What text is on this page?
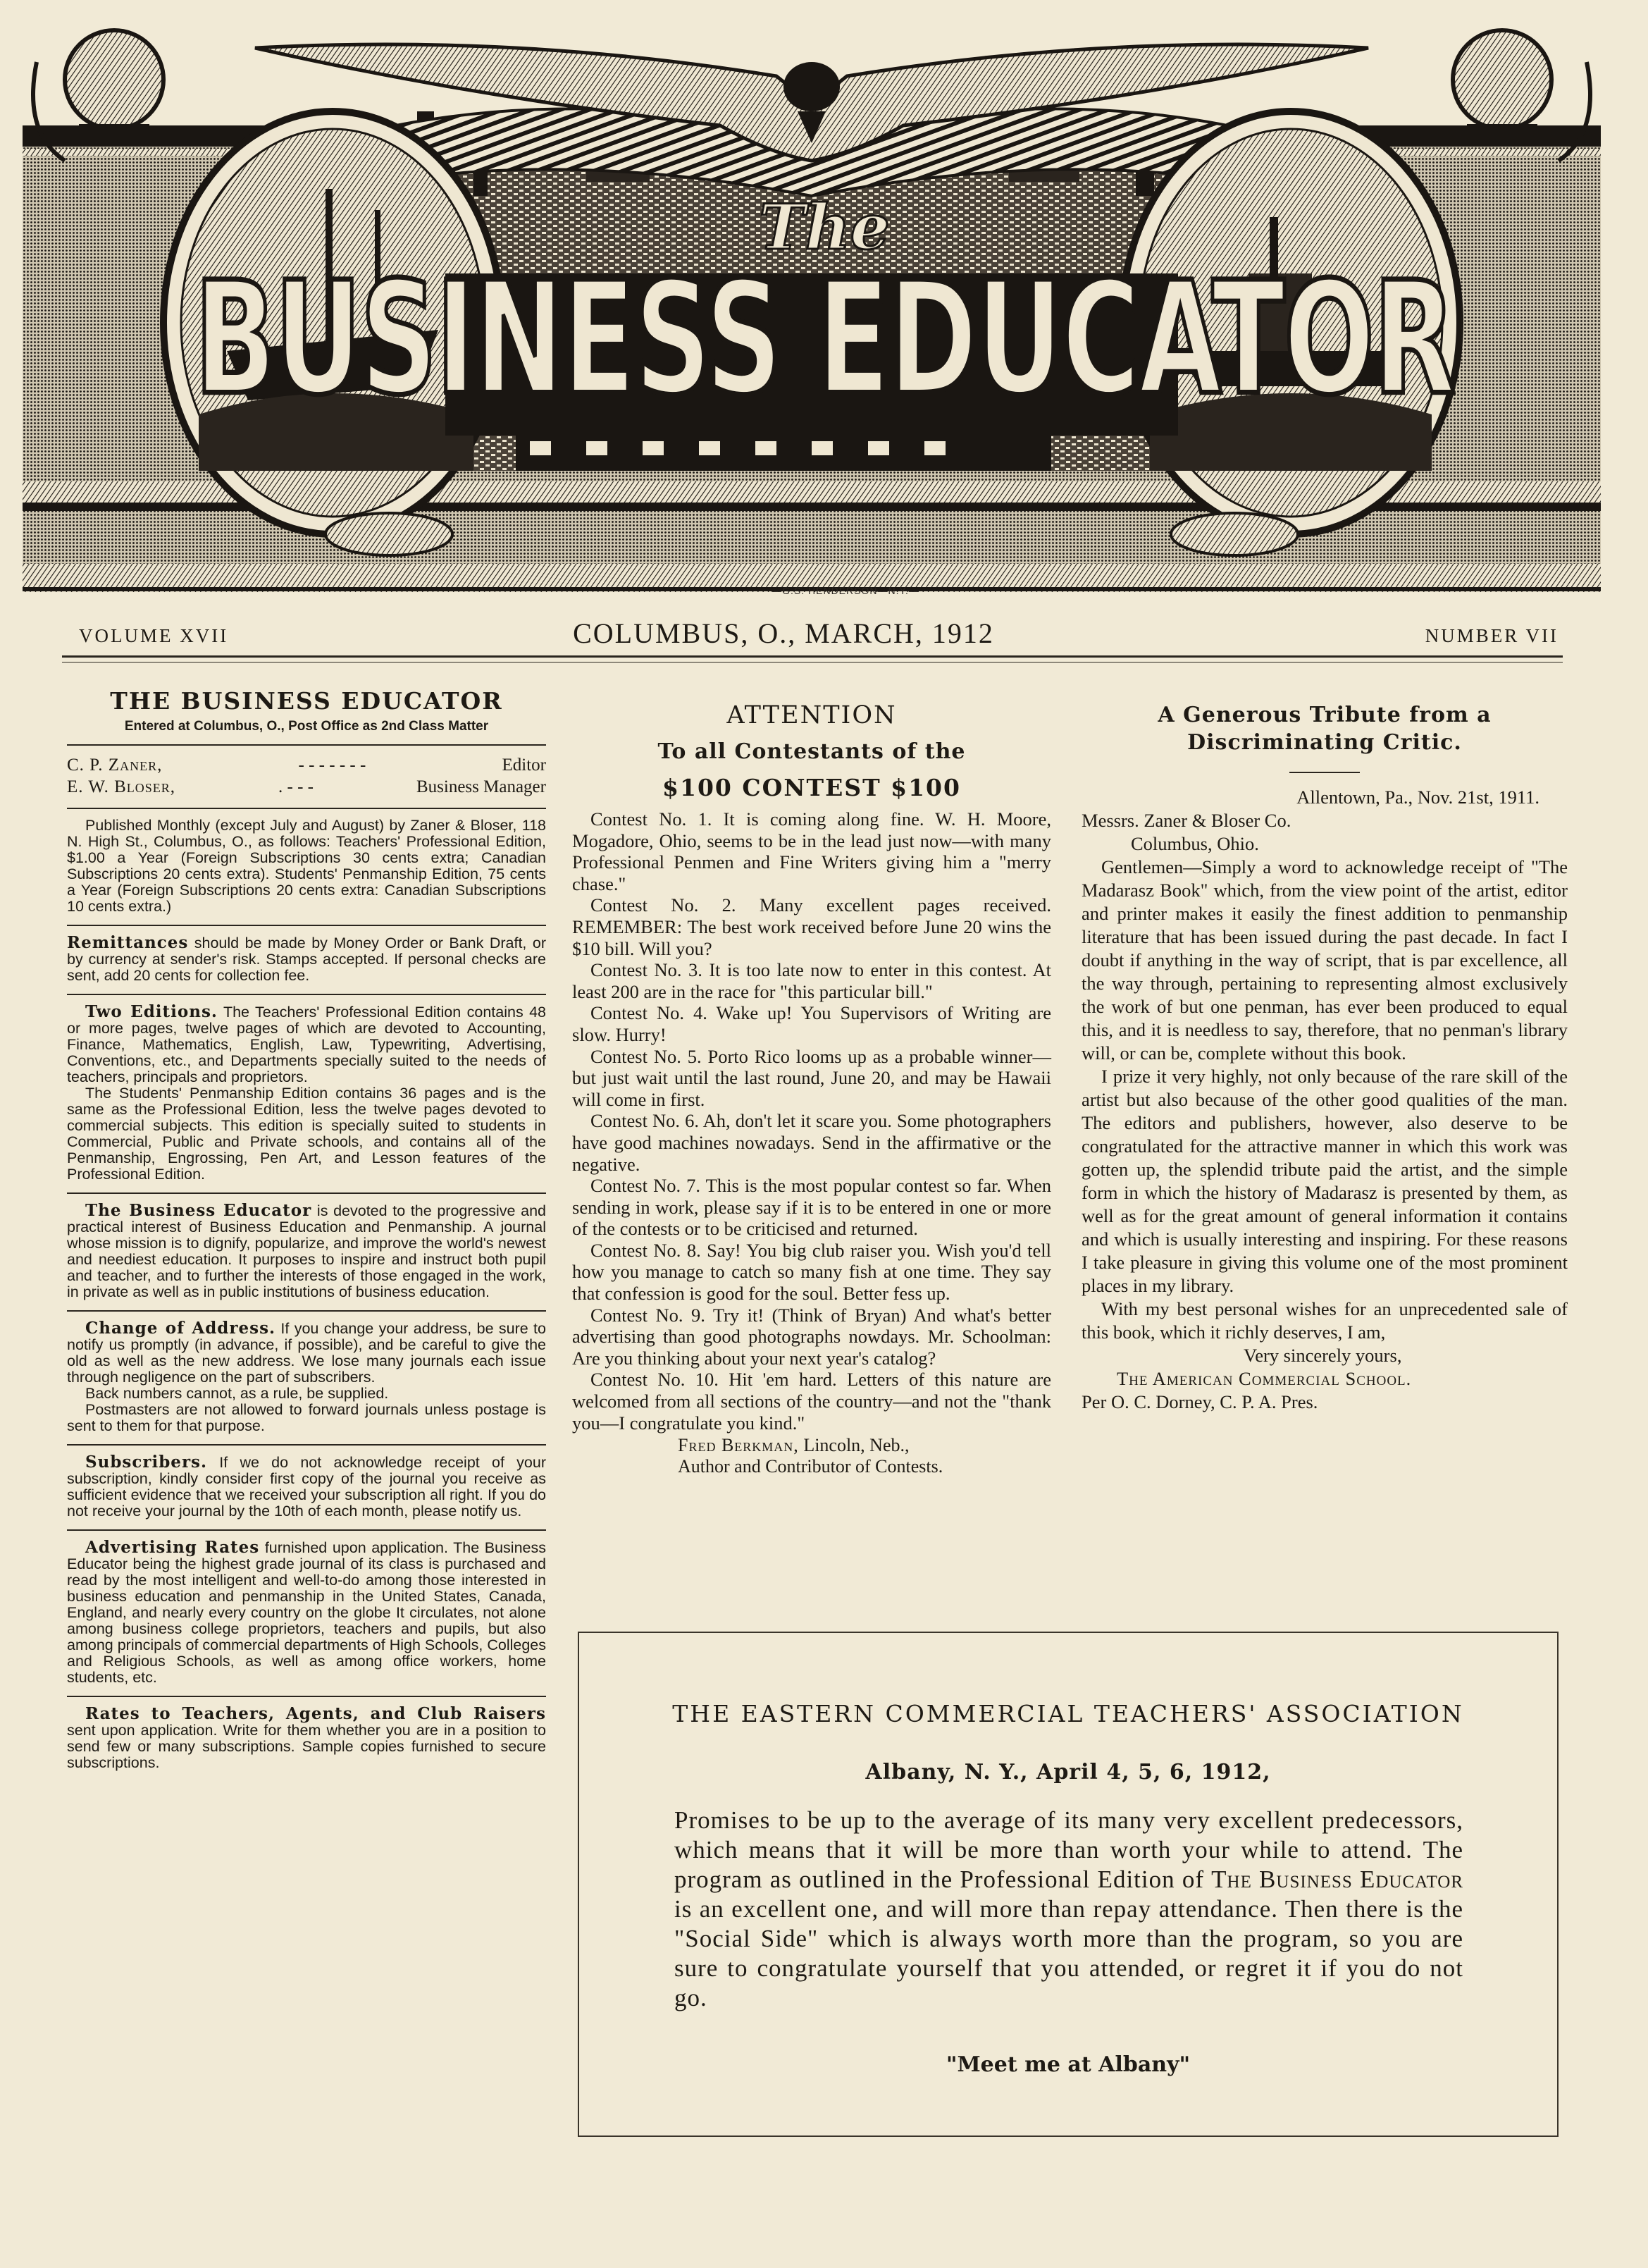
The
BUSINESS EDUCATOR
—G.S. HENDERSON—N.Y.—
VOLUME XVII	COLUMBUS, O., MARCH, 1912	NUMBER VII
THE BUSINESS EDUCATOR
Entered at Columbus, O., Post Office as 2nd Class Matter
C. P. Zaner,	- - - - - - -	Editor
E. W. Bloser,	. - - -	Business Manager

Published Monthly (except July and August) by Zaner & Bloser, 118 N. High St., Columbus, O., as follows: Teachers' Professional Edition, $1.00 a Year (Foreign Subscriptions 30 cents extra; Canadian Subscriptions 20 cents extra). Students' Penmanship Edition, 75 cents a Year (Foreign Subscriptions 20 cents extra: Canadian Subscriptions 10 cents extra.)

Remittances should be made by Money Order or Bank Draft, or by currency at sender's risk. Stamps accepted. If personal checks are sent, add 20 cents for collection fee.

Two Editions. The Teachers' Professional Edition contains 48 or more pages, twelve pages of which are devoted to Accounting, Finance, Mathematics, English, Law, Typewriting, Advertising, Conventions, etc., and Departments specially suited to the needs of teachers, principals and proprietors.

The Students' Penmanship Edition contains 36 pages and is the same as the Professional Edition, less the twelve pages devoted to commercial subjects. This edition is specially suited to students in Commercial, Public and Private schools, and contains all of the Penmanship, Engrossing, Pen Art, and Lesson features of the Professional Edition.

The Business Educator is devoted to the progressive and practical interest of Business Education and Penmanship. A journal whose mission is to dignify, popularize, and improve the world's newest and neediest education. It purposes to inspire and instruct both pupil and teacher, and to further the interests of those engaged in the work, in private as well as in public institutions of business education.

Change of Address. If you change your address, be sure to notify us promptly (in advance, if possible), and be careful to give the old as well as the new address. We lose many journals each issue through negligence on the part of subscribers.

Back numbers cannot, as a rule, be supplied.

Postmasters are not allowed to forward journals unless postage is sent to them for that purpose.

Subscribers. If we do not acknowledge receipt of your subscription, kindly consider first copy of the journal you receive as sufficient evidence that we received your subscription all right. If you do not receive your journal by the 10th of each month, please notify us.

Advertising Rates furnished upon application. The Business Educator being the highest grade journal of its class is purchased and read by the most intelligent and well-to-do among those interested in business education and penmanship in the United States, Canada, England, and nearly every country on the globe It circulates, not alone among business college proprietors, teachers and pupils, but also among principals of commercial departments of High Schools, Colleges and Religious Schools, as well as among office workers, home students, etc.

Rates to Teachers, Agents, and Club Raisers sent upon application. Write for them whether you are in a position to send few or many subscriptions. Sample copies furnished to secure subscriptions.

ATTENTION
To all Contestants of the
$100 CONTEST $100

Contest No. 1. It is coming along fine. W. H. Moore, Mogadore, Ohio, seems to be in the lead just now—with many Professional Penmen and Fine Writers giving him a "merry chase."

Contest No. 2. Many excellent pages received. REMEMBER: The best work received before June 20 wins the $10 bill. Will you?

Contest No. 3. It is too late now to enter in this contest. At least 200 are in the race for "this particular bill."

Contest No. 4. Wake up! You Supervisors of Writing are slow. Hurry!

Contest No. 5. Porto Rico looms up as a probable winner—but just wait until the last round, June 20, and may be Hawaii will come in first.

Contest No. 6. Ah, don't let it scare you. Some photographers have good machines nowadays. Send in the affirmative or the negative.

Contest No. 7. This is the most popular contest so far. When sending in work, please say if it is to be entered in one or more of the contests or to be criticised and returned.

Contest No. 8. Say! You big club raiser you. Wish you'd tell how you manage to catch so many fish at one time. They say that confession is good for the soul. Better fess up.

Contest No. 9. Try it! (Think of Bryan) And what's better advertising than good photographs nowdays. Mr. Schoolman: Are you thinking about your next year's catalog?

Contest No. 10. Hit 'em hard. Letters of this nature are welcomed from all sections of the country—and not the "thank you—I congratulate you kind."

Fred Berkman, Lincoln, Neb.,
Author and Contributor of Contests.
A Generous Tribute from a Discriminating Critic.

Allentown, Pa., Nov. 21st, 1911.

Messrs. Zaner & Bloser Co.

Columbus, Ohio.

Gentlemen—Simply a word to acknowledge receipt of "The Madarasz Book" which, from the view point of the artist, editor and printer makes it easily the finest addition to penmanship literature that has been issued during the past decade. In fact I doubt if anything in the way of script, that is par excellence, all the way through, pertaining to representing almost exclusively the work of but one penman, has ever been produced to equal this, and it is needless to say, therefore, that no penman's library will, or can be, complete without this book.

I prize it very highly, not only because of the rare skill of the artist but also because of the other good qualities of the man. The editors and publishers, however, also deserve to be congratulated for the attractive manner in which this work was gotten up, the splendid tribute paid the artist, and the simple form in which the history of Madarasz is presented by them, as well as for the great amount of general information it contains and which is usually interesting and inspiring. For these reasons I take pleasure in giving this volume one of the most prominent places in my library.

With my best personal wishes for an unprecedented sale of this book, which it richly deserves, I am,

Very sincerely yours,

The American Commercial School.

Per O. C. Dorney, C. P. A. Pres.

THE EASTERN COMMERCIAL TEACHERS' ASSOCIATION
Albany, N. Y., April 4, 5, 6, 1912,
Promises to be up to the average of its many very excellent predecessors, which means that it will be more than worth your while to attend. The program as outlined in the Professional Edition of The Business Educator is an excellent one, and will more than repay attendance. Then there is the "Social Side" which is always worth more than the program, so you are sure to congratulate yourself that you attended, or regret it if you do not go.
"Meet me at Albany"
